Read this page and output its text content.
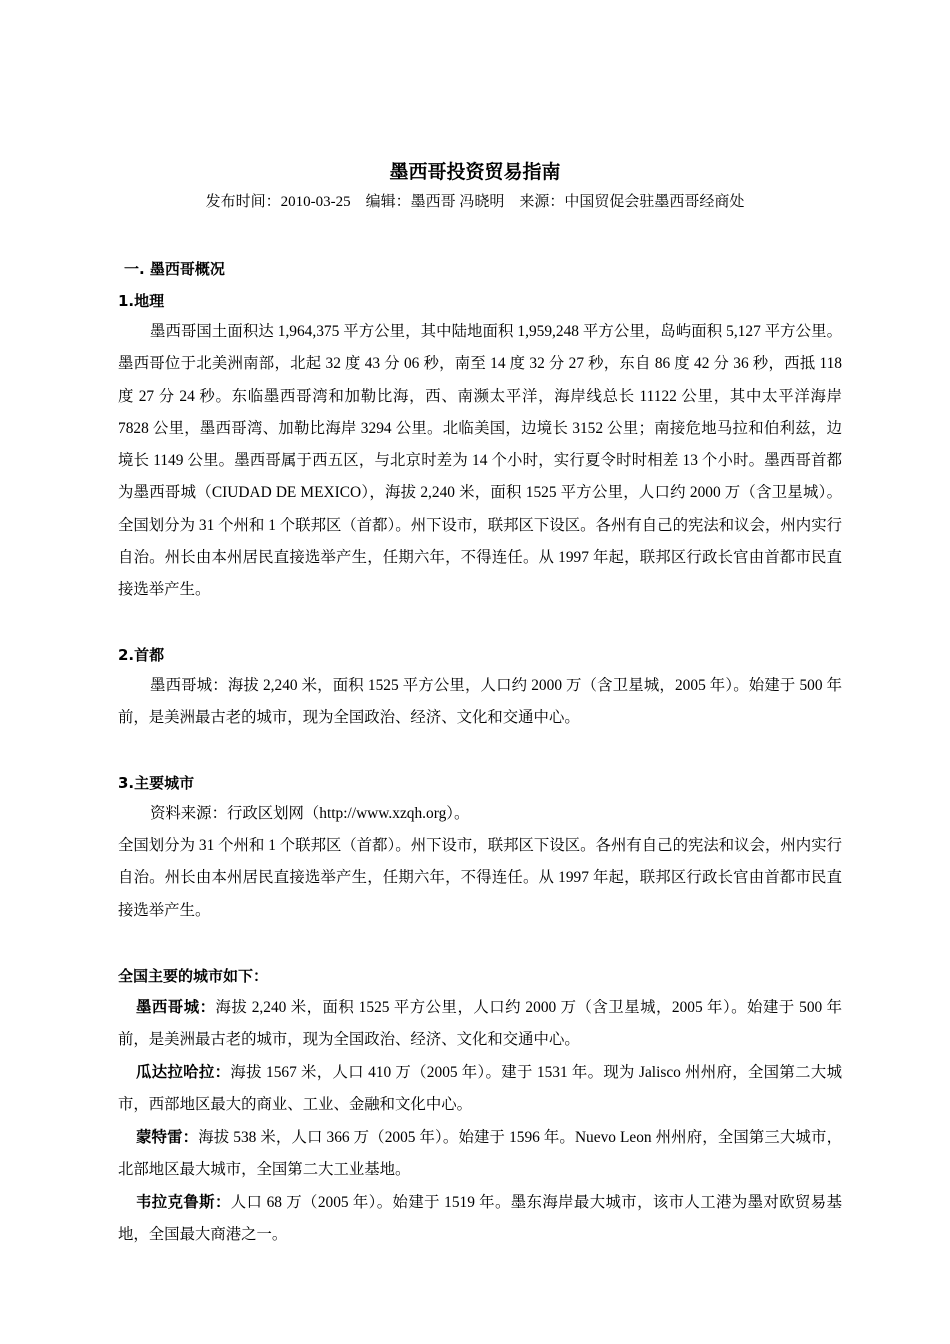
墨西哥投资贸易指南
发布时间：2010-03-25　编辑：墨西哥 冯晓明　来源：中国贸促会驻墨西哥经商处
一. 墨西哥概况
1.地理
墨西哥国土面积达 1,964,375 平方公里，其中陆地面积 1,959,248 平方公里，岛屿面积 5,127 平方公里。墨西哥位于北美洲南部，北起 32 度 43 分 06 秒，南至 14 度 32 分 27 秒，东自 86 度 42 分 36 秒，西抵 118 度 27 分 24 秒。东临墨西哥湾和加勒比海，西、南濒太平洋，海岸线总长 11122 公里，其中太平洋海岸 7828 公里，墨西哥湾、加勒比海岸 3294 公里。北临美国，边境长 3152 公里；南接危地马拉和伯利兹，边境长 1149 公里。墨西哥属于西五区，与北京时差为 14 个小时，实行夏令时时相差 13 个小时。墨西哥首都为墨西哥城（CIUDAD DE MEXICO），海拔 2,240 米，面积 1525 平方公里，人口约 2000 万（含卫星城）。全国划分为 31 个州和 1 个联邦区（首都）。州下设市，联邦区下设区。各州有自己的宪法和议会，州内实行自治。州长由本州居民直接选举产生，任期六年，不得连任。从 1997 年起，联邦区行政长官由首都市民直接选举产生。
2.首都
墨西哥城：海拔 2,240 米，面积 1525 平方公里，人口约 2000 万（含卫星城，2005 年）。始建于 500 年前，是美洲最古老的城市，现为全国政治、经济、文化和交通中心。
3.主要城市
资料来源：行政区划网（http://www.xzqh.org）。
全国划分为 31 个州和 1 个联邦区（首都）。州下设市，联邦区下设区。各州有自己的宪法和议会，州内实行自治。州长由本州居民直接选举产生，任期六年，不得连任。从 1997 年起，联邦区行政长官由首都市民直接选举产生。
全国主要的城市如下：
墨西哥城：海拔 2,240 米，面积 1525 平方公里，人口约 2000 万（含卫星城，2005 年）。始建于 500 年前，是美洲最古老的城市，现为全国政治、经济、文化和交通中心。
瓜达拉哈拉：海拔 1567 米，人口 410 万（2005 年）。建于 1531 年。现为 Jalisco 州州府，全国第二大城市，西部地区最大的商业、工业、金融和文化中心。
蒙特雷：海拔 538 米，人口 366 万（2005 年）。始建于 1596 年。Nuevo Leon 州州府，全国第三大城市，北部地区最大城市，全国第二大工业基地。
韦拉克鲁斯：人口 68 万（2005 年）。始建于 1519 年。墨东海岸最大城市，该市人工港为墨对欧贸易基地，全国最大商港之一。
